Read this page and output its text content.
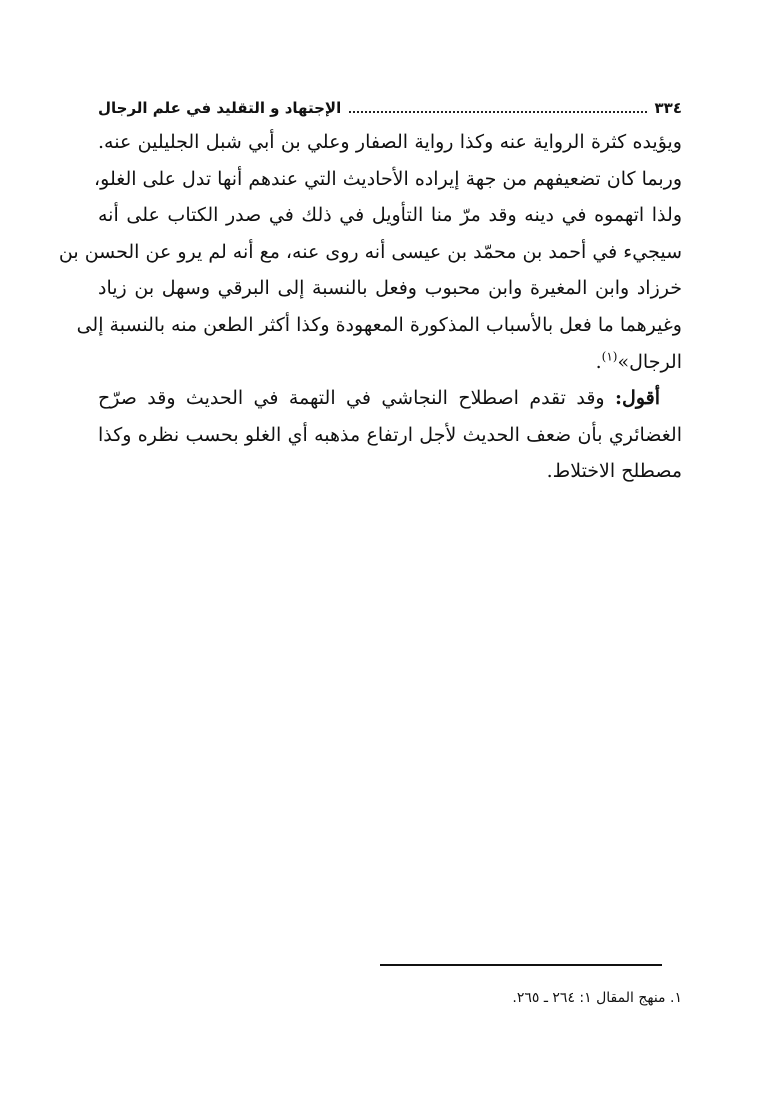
٣٣٤
الإجتهاد و التقليد في علم الرجال
ويؤيده كثرة الرواية عنه وكذا رواية الصفار وعلي بن أبي شبل الجليلين عنه.
وربما كان تضعيفهم من جهة إيراده الأحاديث التي عندهم أنها تدل على الغلو،
ولذا اتهموه في دينه وقد مرّ منا التأويل في ذلك في صدر الكتاب على أنه
سيجيء في أحمد بن محمّد بن عيسى أنه روى عنه، مع أنه لم يرو عن الحسن بن
خرزاد وابن المغيرة وابن محبوب وفعل بالنسبة إلى البرقي وسهل بن زياد
وغيرهما ما فعل بالأسباب المذكورة المعهودة وكذا أكثر الطعن منه بالنسبة إلى
الرجال»$^{(١)}$.
أقول: وقد تقدم اصطلاح النجاشي في التهمة في الحديث وقد صرّح
الغضائري بأن ضعف الحديث لأجل ارتفاع مذهبه أي الغلو بحسب نظره وكذا
مصطلح الاختلاط.
١. منهج المقال ١: ٢٦٤ ـ ٢٦٥.
